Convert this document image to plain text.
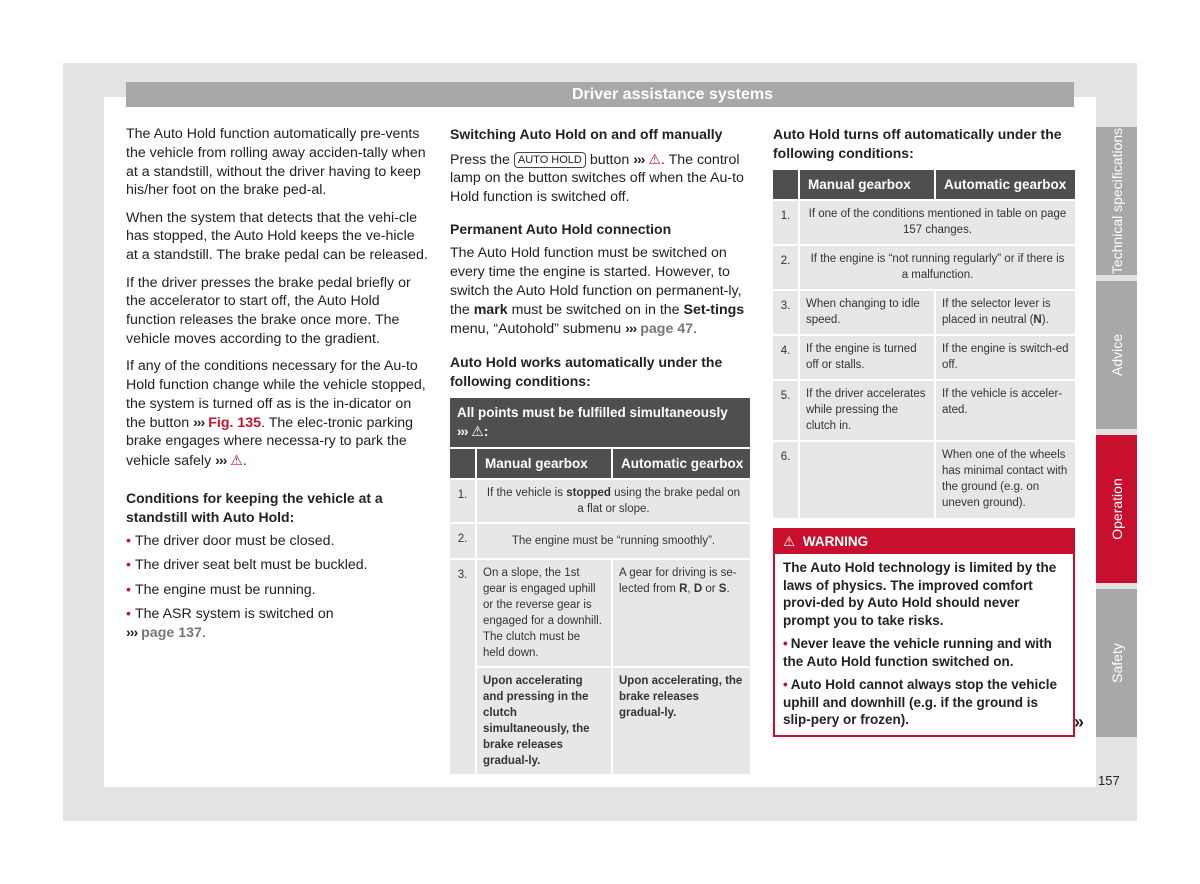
Driver assistance systems

The Auto Hold function automatically pre-vents the vehicle from rolling away acciden-tally when at a standstill, without the driver having to keep his/her foot on the brake ped-al.

When the system that detects that the vehi-cle has stopped, the Auto Hold keeps the ve-hicle at a standstill. The brake pedal can be released.

If the driver presses the brake pedal briefly or the accelerator to start off, the Auto Hold function releases the brake once more. The vehicle moves according to the gradient.

If any of the conditions necessary for the Au-to Hold function change while the vehicle stopped, the system is turned off as is the in-dicator on the button ››› Fig. 135. The elec-tronic parking brake engages where necessa-ry to park the vehicle safely ››› ⚠.

Conditions for keeping the vehicle at a standstill with Auto Hold:
• The driver door must be closed.
• The driver seat belt must be buckled.
• The engine must be running.
• The ASR system is switched on
››› page 137.
Switching Auto Hold on and off manually

Press the AUTO HOLD button ››› ⚠. The control lamp on the button switches off when the Au-to Hold function is switched off.

Permanent Auto Hold connection

The Auto Hold function must be switched on every time the engine is started. However, to switch the Auto Hold function on permanent-ly, the mark must be switched on in the Set-tings menu, “Autohold” submenu ››› page 47.

Auto Hold works automatically under the following conditions:
All points must be fulfilled simultaneously
››› ⚠:
	Manual gearbox	Automatic gearbox
1.	If the vehicle is stopped using the brake pedal on a flat or slope.	
2.	The engine must be “running smoothly”.	
3.	On a slope, the 1st gear is engaged uphill or the reverse gear is engaged for a downhill. The clutch must be held down.	A gear for driving is se-lected from R, D or S.
	Upon accelerating and pressing in the clutch simultaneously, the brake releases gradual-ly.	Upon accelerating, the brake releases gradual-ly.
Auto Hold turns off automatically under the following conditions:
	Manual gearbox	Automatic gearbox
1.	If one of the conditions mentioned in table on page 157 changes.	
2.	If the engine is “not running regularly” or if there is a malfunction.	
3.	When changing to idle speed.	If the selector lever is placed in neutral (N).
4.	If the engine is turned off or stalls.	If the engine is switch-ed off.
5.	If the driver accelerates while pressing the clutch in.	If the vehicle is acceler-ated.
6.		When one of the wheels has minimal contact with the ground (e.g. on uneven ground).
⚠ WARNING

The Auto Hold technology is limited by the laws of physics. The improved comfort provi-ded by Auto Hold should never prompt you to take risks.

• Never leave the vehicle running and with the Auto Hold function switched on.

• Auto Hold cannot always stop the vehicle uphill and downhill (e.g. if the ground is slip-pery or frozen).	»
Technical specifications
Advice
Operation
Safety
157
